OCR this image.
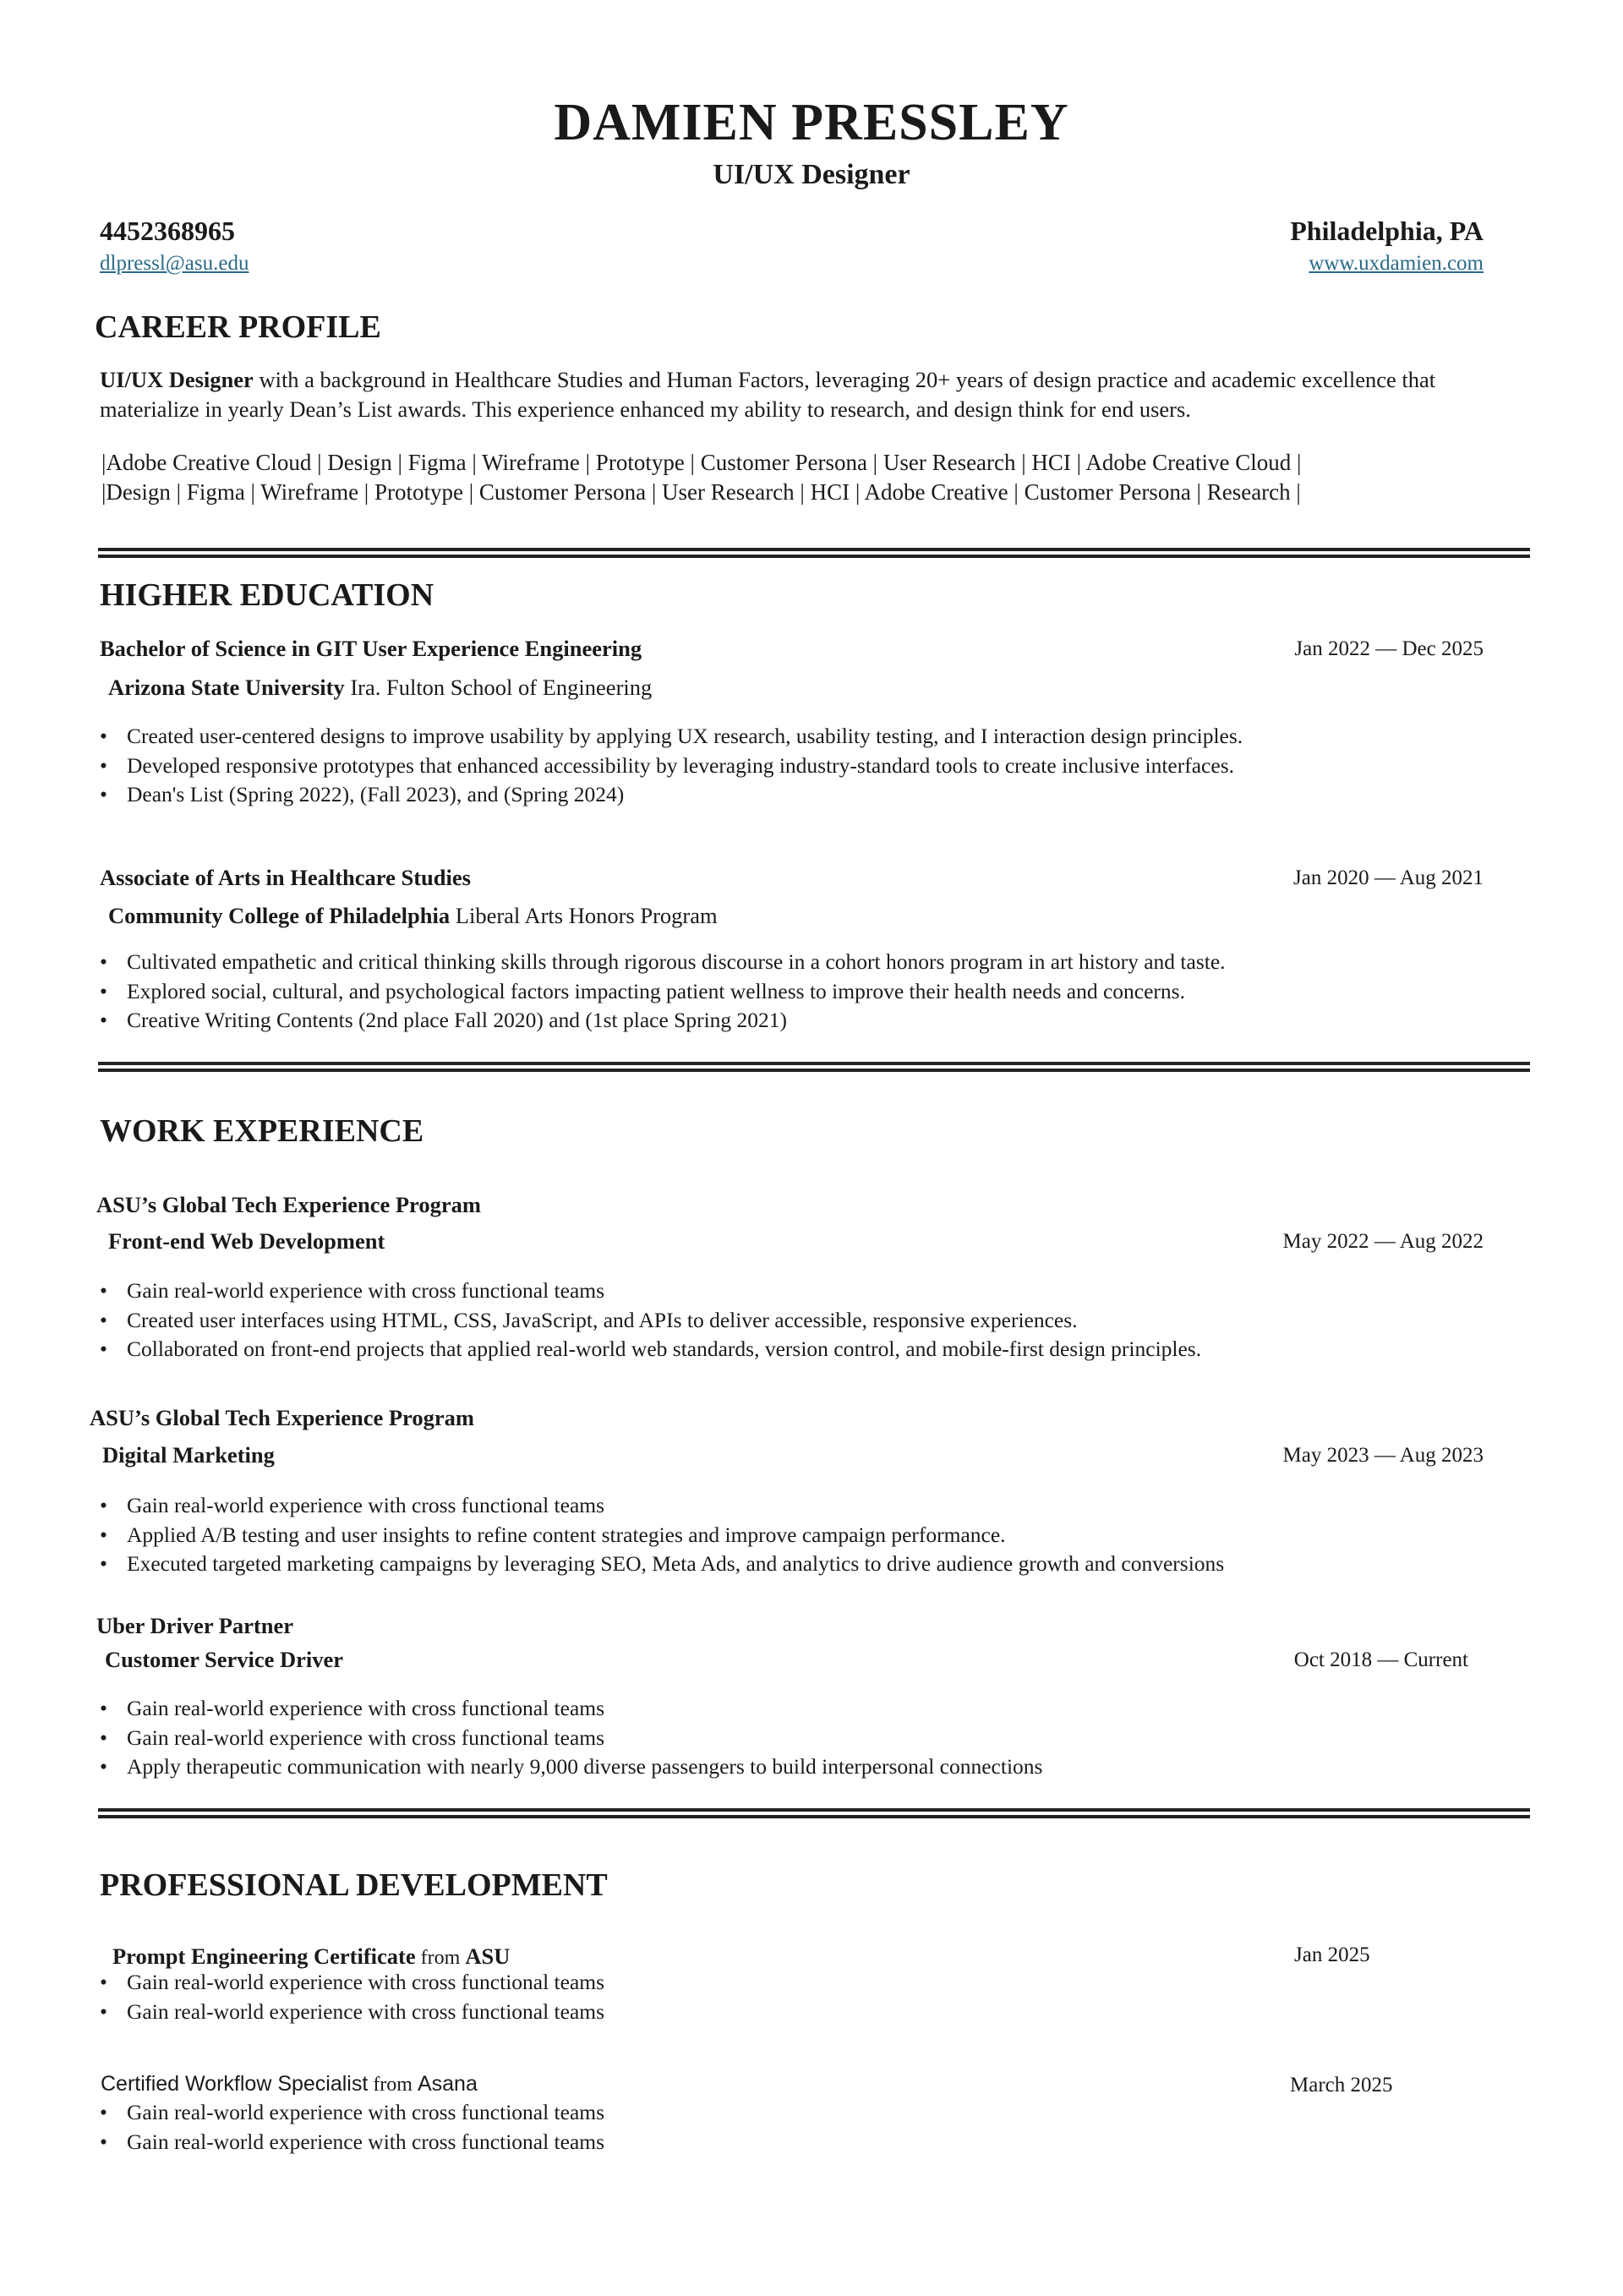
DAMIEN PRESSLEY
UI/UX Designer
4452368965
dlpressl@asu.edu
Philadelphia, PA
www.uxdamien.com
CAREER PROFILE
UI/UX Designer with a background in Healthcare Studies and Human Factors, leveraging 20+ years of design practice and academic excellence that
materialize in yearly Dean’s List awards. This experience enhanced my ability to research, and design think for end users.
|Adobe Creative Cloud | Design | Figma | Wireframe | Prototype | Customer Persona | User Research | HCI | Adobe Creative Cloud |
|Design | Figma | Wireframe | Prototype | Customer Persona | User Research | HCI | Adobe Creative | Customer Persona | Research |
HIGHER EDUCATION
Bachelor of Science in GIT User Experience Engineering	Jan 2022 — Dec 2025
Arizona State University Ira. Fulton School of Engineering
• Created user-centered designs to improve usability by applying UX research, usability testing, and I interaction design principles.
• Developed responsive prototypes that enhanced accessibility by leveraging industry-standard tools to create inclusive interfaces.
• Dean's List (Spring 2022), (Fall 2023), and (Spring 2024)
Associate of Arts in Healthcare Studies	Jan 2020 — Aug 2021
Community College of Philadelphia Liberal Arts Honors Program
• Cultivated empathetic and critical thinking skills through rigorous discourse in a cohort honors program in art history and taste.
• Explored social, cultural, and psychological factors impacting patient wellness to improve their health needs and concerns.
• Creative Writing Contents (2nd place Fall 2020) and (1st place Spring 2021)
WORK EXPERIENCE
ASU’s Global Tech Experience Program
Front-end Web Development	May 2022 — Aug 2022
• Gain real-world experience with cross functional teams
• Created user interfaces using HTML, CSS, JavaScript, and APIs to deliver accessible, responsive experiences.
• Collaborated on front-end projects that applied real-world web standards, version control, and mobile-first design principles.
ASU’s Global Tech Experience Program
Digital Marketing	May 2023 — Aug 2023
• Gain real-world experience with cross functional teams
• Applied A/B testing and user insights to refine content strategies and improve campaign performance.
• Executed targeted marketing campaigns by leveraging SEO, Meta Ads, and analytics to drive audience growth and conversions
Uber Driver Partner
Customer Service Driver	Oct 2018 — Current
• Gain real-world experience with cross functional teams
• Gain real-world experience with cross functional teams
• Apply therapeutic communication with nearly 9,000 diverse passengers to build interpersonal connections
PROFESSIONAL DEVELOPMENT
Prompt Engineering Certificate from ASU	Jan 2025
• Gain real-world experience with cross functional teams
• Gain real-world experience with cross functional teams
Certified Workflow Specialist from Asana	March 2025
• Gain real-world experience with cross functional teams
• Gain real-world experience with cross functional teams
